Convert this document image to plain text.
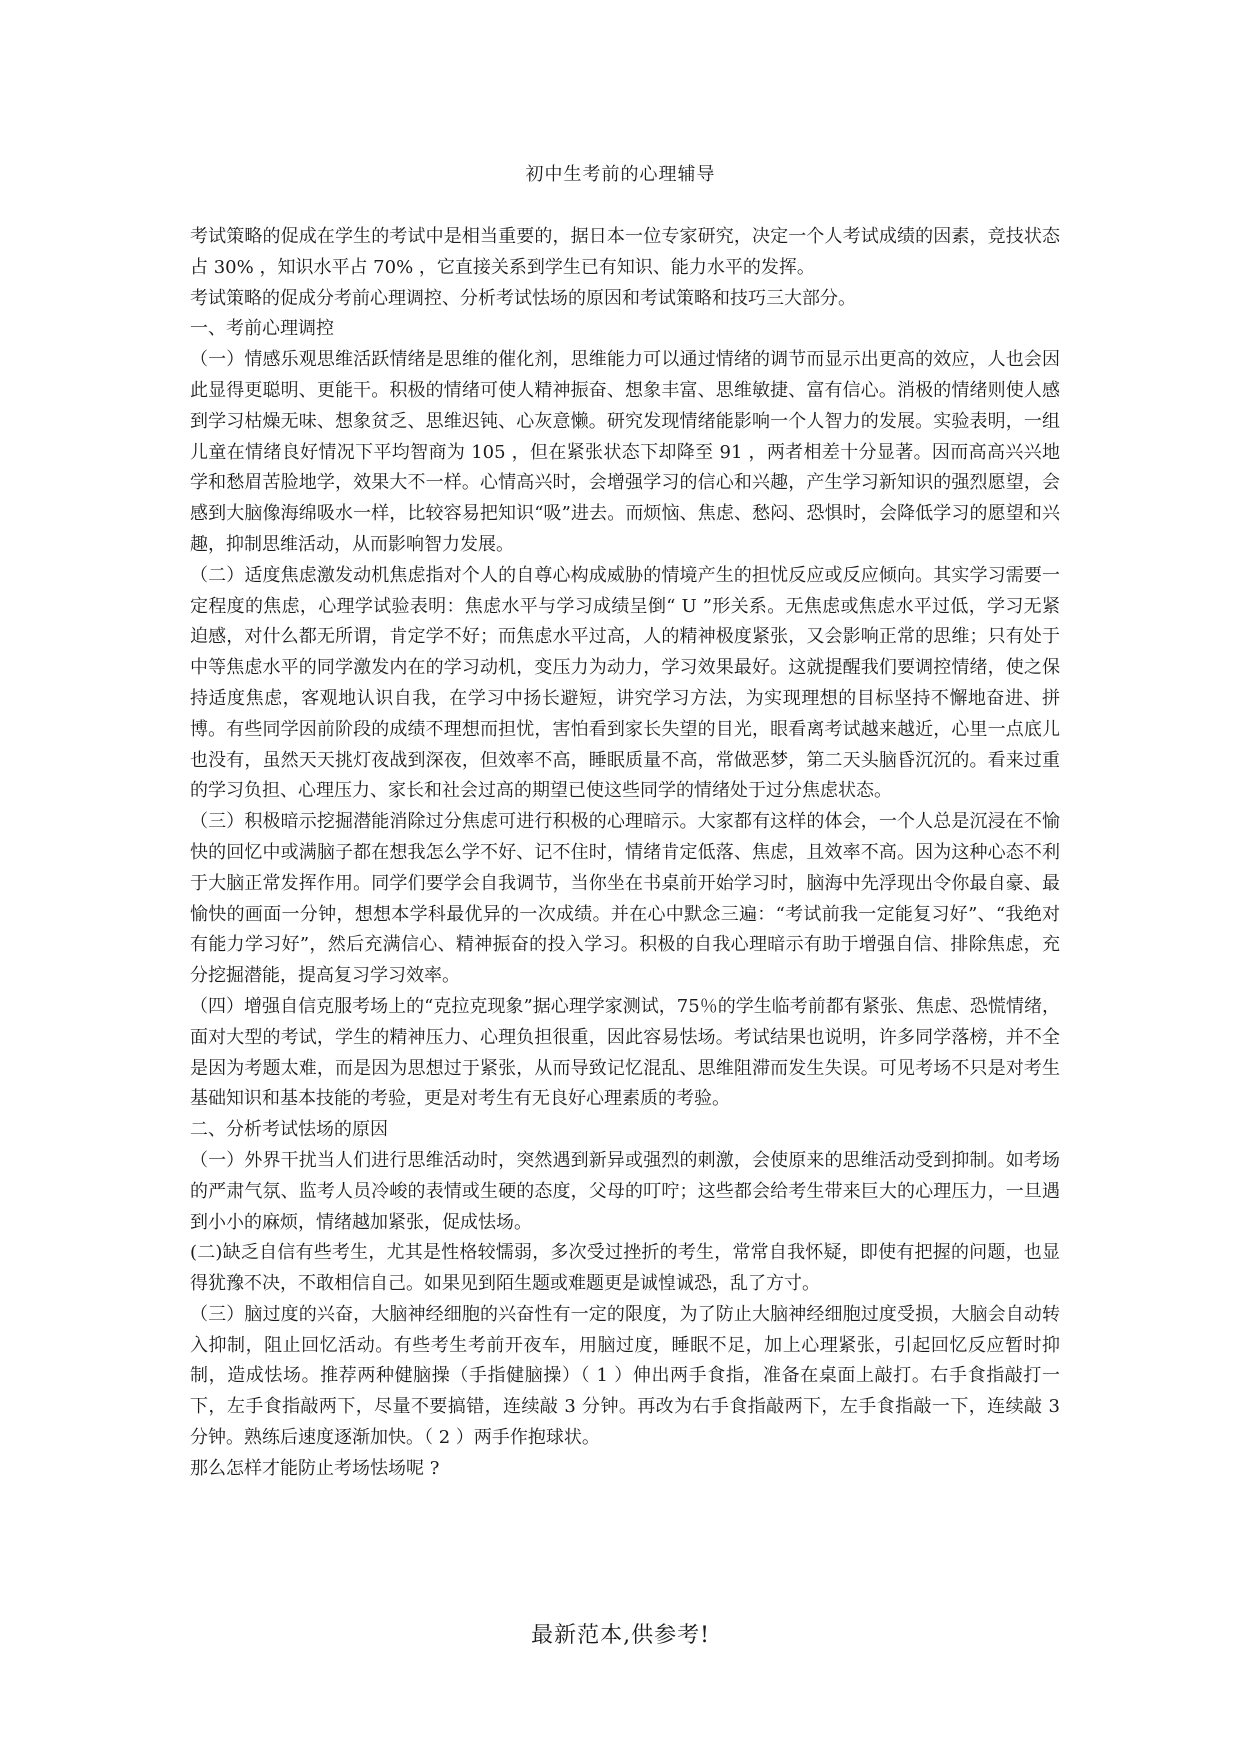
初中生考前的心理辅导

考试策略的促成在学生的考试中是相当重要的，据日本一位专家研究，决定一个人考试成绩的因素，竞技状态占 30% ，知识水平占 70% ，它直接关系到学生已有知识、能力水平的发挥。

考试策略的促成分考前心理调控、分析考试怯场的原因和考试策略和技巧三大部分。

一、考前心理调控

（一）情感乐观思维活跃情绪是思维的催化剂，思维能力可以通过情绪的调节而显示出更高的效应，人也会因此显得更聪明、更能干。积极的情绪可使人精神振奋、想象丰富、思维敏捷、富有信心。消极的情绪则使人感到学习枯燥无味、想象贫乏、思维迟钝、心灰意懒。研究发现情绪能影响一个人智力的发展。实验表明，一组儿童在情绪良好情况下平均智商为 105 ，但在紧张状态下却降至 91 ，两者相差十分显著。因而高高兴兴地学和愁眉苦脸地学，效果大不一样。心情高兴时，会增强学习的信心和兴趣，产生学习新知识的强烈愿望，会感到大脑像海绵吸水一样，比较容易把知识“吸”进去。而烦恼、焦虑、愁闷、恐惧时，会降低学习的愿望和兴趣，抑制思维活动，从而影响智力发展。

（二）适度焦虑激发动机焦虑指对个人的自尊心构成威胁的情境产生的担忧反应或反应倾向。其实学习需要一定程度的焦虑，心理学试验表明：焦虑水平与学习成绩呈倒“ U ”形关系。无焦虑或焦虑水平过低，学习无紧迫感，对什么都无所谓，肯定学不好；而焦虑水平过高，人的精神极度紧张，又会影响正常的思维；只有处于中等焦虑水平的同学激发内在的学习动机，变压力为动力，学习效果最好。这就提醒我们要调控情绪，使之保持适度焦虑，客观地认识自我，在学习中扬长避短，讲究学习方法，为实现理想的目标坚持不懈地奋进、拼博。有些同学因前阶段的成绩不理想而担忧，害怕看到家长失望的目光，眼看离考试越来越近，心里一点底儿也没有，虽然天天挑灯夜战到深夜，但效率不高，睡眠质量不高，常做恶梦，第二天头脑昏沉沉的。看来过重的学习负担、心理压力、家长和社会过高的期望已使这些同学的情绪处于过分焦虑状态。

（三）积极暗示挖掘潜能消除过分焦虑可进行积极的心理暗示。大家都有这样的体会，一个人总是沉浸在不愉快的回忆中或满脑子都在想我怎么学不好、记不住时，情绪肯定低落、焦虑，且效率不高。因为这种心态不利于大脑正常发挥作用。同学们要学会自我调节，当你坐在书桌前开始学习时，脑海中先浮现出令你最自豪、最愉快的画面一分钟，想想本学科最优异的一次成绩。并在心中默念三遍：“考试前我一定能复习好”、“我绝对有能力学习好”，然后充满信心、精神振奋的投入学习。积极的自我心理暗示有助于增强自信、排除焦虑，充分挖掘潜能，提高复习学习效率。

（四）增强自信克服考场上的“克拉克现象”据心理学家测试，75％的学生临考前都有紧张、焦虑、恐慌情绪，面对大型的考试，学生的精神压力、心理负担很重，因此容易怯场。考试结果也说明，许多同学落榜，并不全是因为考题太难，而是因为思想过于紧张，从而导致记忆混乱、思维阻滞而发生失误。可见考场不只是对考生基础知识和基本技能的考验，更是对考生有无良好心理素质的考验。

二、分析考试怯场的原因

（一）外界干扰当人们进行思维活动时，突然遇到新异或强烈的刺激，会使原来的思维活动受到抑制。如考场的严肃气氛、监考人员冷峻的表情或生硬的态度，父母的叮咛；这些都会给考生带来巨大的心理压力，一旦遇到小小的麻烦，情绪越加紧张，促成怯场。

(二)缺乏自信有些考生，尤其是性格较懦弱，多次受过挫折的考生，常常自我怀疑，即使有把握的问题，也显得犹豫不决，不敢相信自己。如果见到陌生题或难题更是诚惶诚恐，乱了方寸。

（三）脑过度的兴奋，大脑神经细胞的兴奋性有一定的限度，为了防止大脑神经细胞过度受损，大脑会自动转入抑制，阻止回忆活动。有些考生考前开夜车，用脑过度，睡眠不足，加上心理紧张，引起回忆反应暂时抑制，造成怯场。推荐两种健脑操（手指健脑操）（ 1 ）伸出两手食指，准备在桌面上敲打。右手食指敲打一下，左手食指敲两下，尽量不要搞错，连续敲 3 分钟。再改为右手食指敲两下，左手食指敲一下，连续敲 3 分钟。熟练后速度逐渐加快。（ 2 ）两手作抱球状。

那么怎样才能防止考场怯场呢 ?

最新范本,供参考!
